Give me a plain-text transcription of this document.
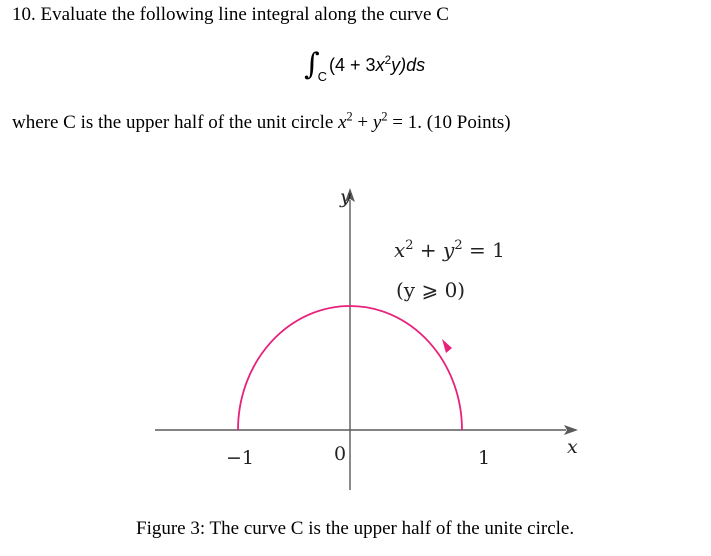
10. Evaluate the following line integral along the curve C
$\int_C(4 + 3x^2y)ds$
where C is the upper half of the unit circle $x^2 + y^2 = 1$. (10 Points)
$x^2 + y^2 = 1$
(y ⩾ 0)
y
x
−1	0	1
Figure 3: The curve C is the upper half of the unite circle.
